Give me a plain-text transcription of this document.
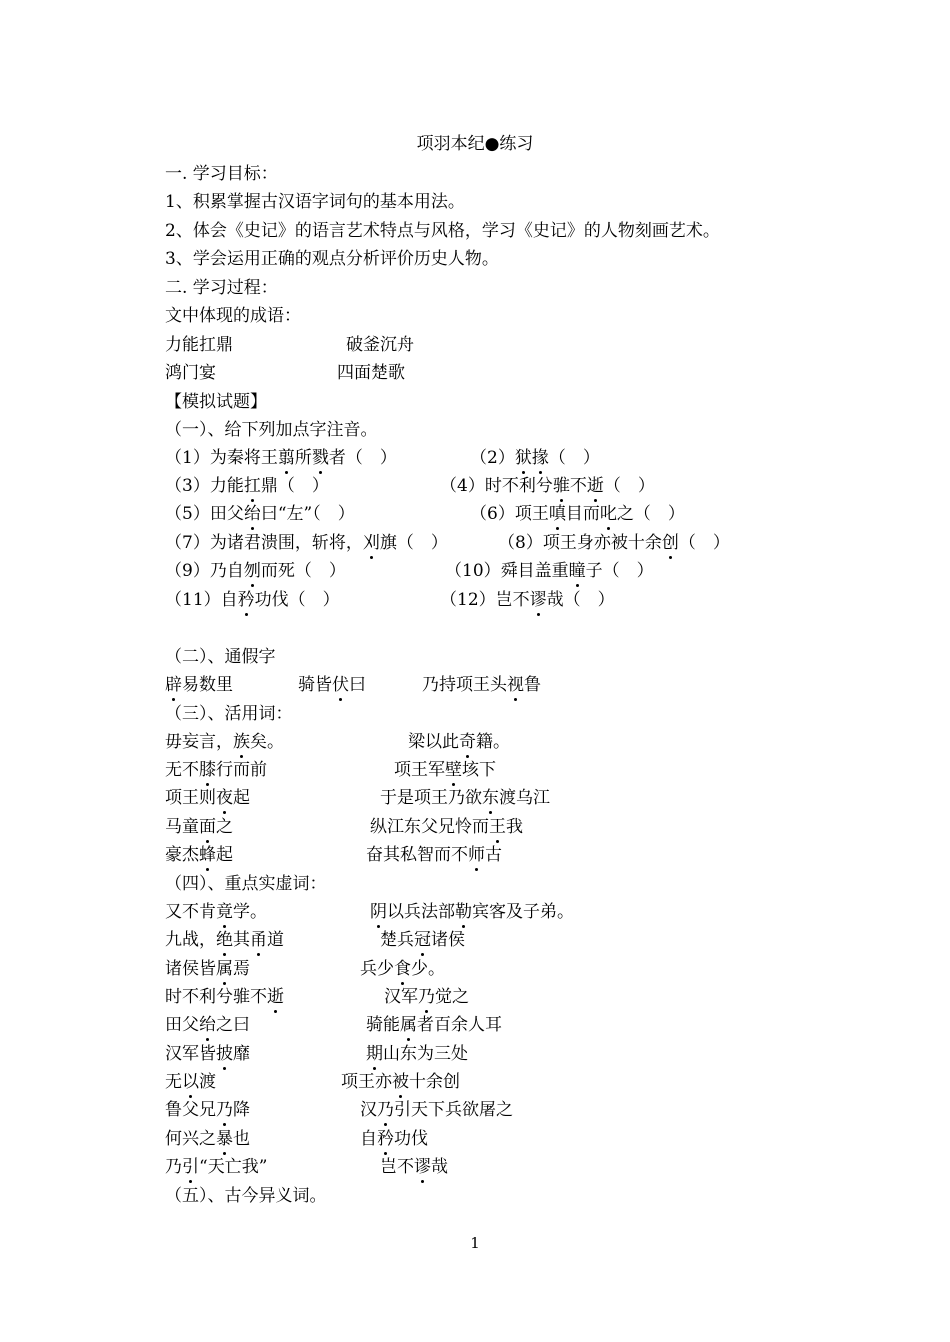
项羽本纪●练习
一. 学习目标：
1、积累掌握古汉语字词句的基本用法。
2、体会《史记》的语言艺术特点与风格，学习《史记》的人物刻画艺术。
3、学会运用正确的观点分析评价历史人物。
二. 学习过程：
文中体现的成语：
力能扛鼎	破釜沉舟
鸿门宴	四面楚歌
【模拟试题】
（一）、给下列加点字注音。
（1）为秦将王翦所戮者（　）	（2）狱掾（　）
（3）力能扛鼎（　）	（4）时不利兮骓不逝（　）
（5）田父绐曰“左”（　）	（6）项王嗔目而叱之（　）
（7）为诸君溃围，斩将，刈旗（　）	（8）项王身亦被十余创（　）
（9）乃自刎而死（　）	（10）舜目盖重瞳子（　）
（11）自矜功伐（　）	（12）岂不谬哉（　）
（二）、通假字
辟易数里	骑皆伏曰	乃持项王头视鲁
（三）、活用词：
毋妄言，族矣。	梁以此奇籍。
无不膝行而前	项王军壁垓下
项王则夜起	于是项王乃欲东渡乌江
马童面之	纵江东父兄怜而王我
豪杰蜂起	奋其私智而不师古
（四）、重点实虚词：
又不肯竟学。	阴以兵法部勒宾客及子弟。
九战，绝其甬道	楚兵冠诸侯
诸侯皆属焉	兵少食少。
时不利兮骓不逝	汉军乃觉之
田父绐之曰	骑能属者百余人耳
汉军皆披靡	期山东为三处
无以渡	项王亦被十余创
鲁父兄乃降	汉乃引天下兵欲屠之
何兴之暴也	自矜功伐
乃引“天亡我”	岂不谬哉
（五）、古今异义词。
1
